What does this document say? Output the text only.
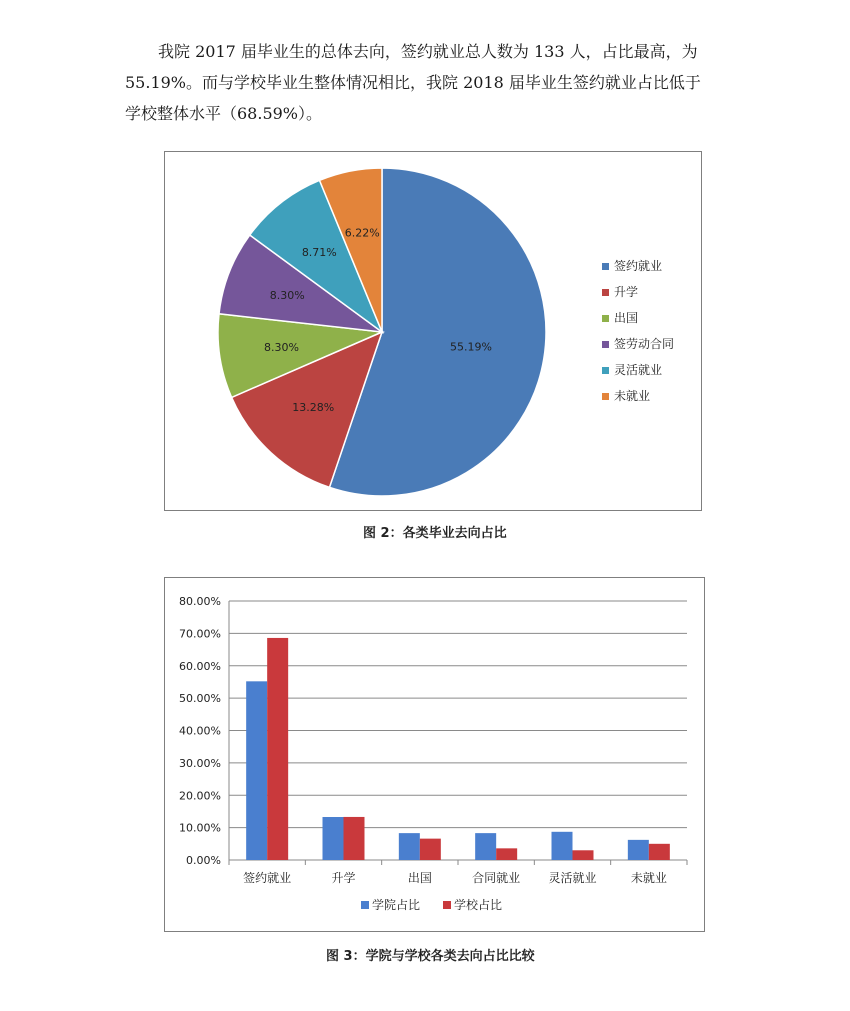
我院 2017 届毕业生的总体去向，签约就业总人数为 133 人，占比最高，为
55.19%。而与学校毕业生整体情况相比，我院 2018 届毕业生签约就业占比低于
学校整体水平（68.59%）。
55.19%
13.28%
8.30%
8.30%
8.71%
6.22%
签约就业
升学
出国
签劳动合同
灵活就业
未就业
图 2：各类毕业去向占比
0.00%
10.00%
20.00%
30.00%
40.00%
50.00%
60.00%
70.00%
80.00%
签约就业	升学	出国	合同就业 灵活就业	未就业
学院占比	学校占比
图 3：学院与学校各类去向占比比较
